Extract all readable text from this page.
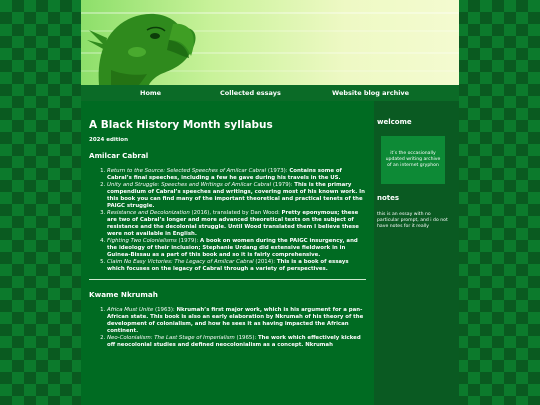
Home	Collected essays	Website blog archive
A Black History Month syllabus

2024 edition

Amilcar Cabral
1. Return to the Source: Selected Speeches of Amilcar Cabral (1973): Contains some of Cabral’s final speeches, including a few he gave during his travels in the US.
2. Unity and Struggle: Speeches and Writings of Amilcar Cabral (1979): This is the primary compendium of Cabral’s speeches and writings, covering most of his known work. In this book you can find many of the important theoretical and practical tenets of the PAIGC struggle.
3. Resistance and Decolonization (2016), translated by Dan Wood: Pretty eponymous; these are two of Cabral’s longer and more advanced theoretical texts on the subject of resistance and the decolonial struggle. Until Wood translated them I believe these were not available in English.
4. Fighting Two Colonialisms (1979): A book on women during the PAIGC insurgency, and the ideology of their inclusion; Stephanie Urdang did extensive fieldwork in in Guinea-Bissau as a part of this book and so it is fairly comprehensive.
5. Claim No Easy Victories: The Legacy of Amilcar Cabral (2014): This is a book of essays which focuses on the legacy of Cabral through a variety of perspectives.
Kwame Nkrumah
1. Africa Must Unite (1963): Nkrumah’s first major work, which is his argument for a pan-African state. This book is also an early elaboration by Nkrumah of his theory of the development of colonialism, and how he sees it as having impacted the African continent.
2. Neo-Colonialism: The Last Stage of Imperialism (1965): The work which effectively kicked off neocolonial studies and defined neocolonialism as a concept. Nkrumah

welcome

it’s the occasionally updated writing archive of an internet gryphon

notes

this is an essay with no particular prompt, and i do not have notes for it really
